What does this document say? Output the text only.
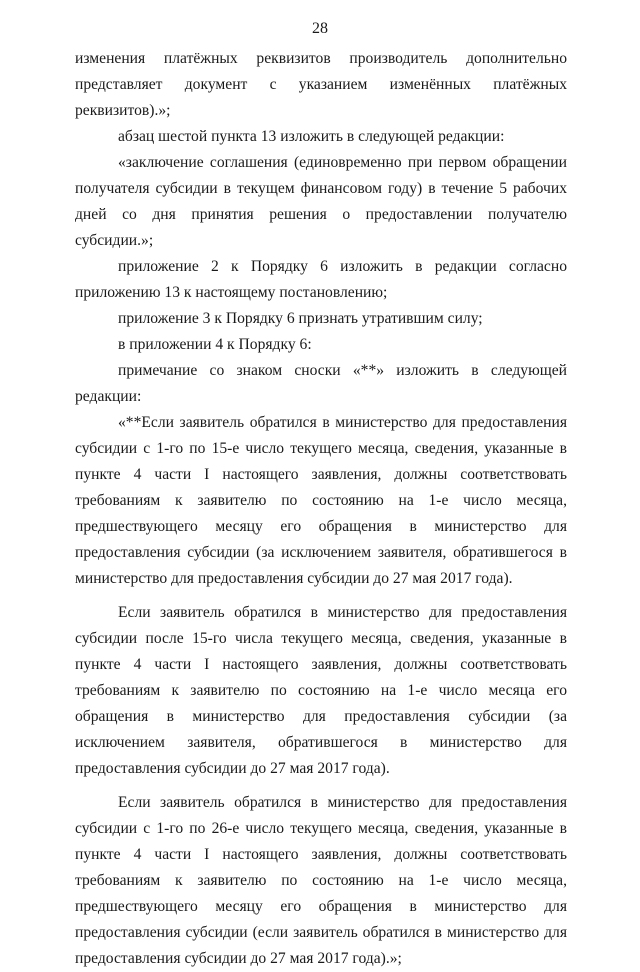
28

изменения платёжных реквизитов производитель дополнительно представляет документ с указанием изменённых платёжных реквизитов).»;

абзац шестой пункта 13 изложить в следующей редакции:

«заключение соглашения (единовременно при первом обращении получателя субсидии в текущем финансовом году) в течение 5 рабочих дней со дня принятия решения о предоставлении получателю субсидии.»;

приложение 2 к Порядку 6 изложить в редакции согласно приложению 13 к настоящему постановлению;

приложение 3 к Порядку 6 признать утратившим силу;

в приложении 4 к Порядку 6:

примечание со знаком сноски «**» изложить в следующей редакции:

«**Если заявитель обратился в министерство для предоставления субсидии с 1-го по 15-е число текущего месяца, сведения, указанные в пункте 4 части I настоящего заявления, должны соответствовать требованиям к заявителю по состоянию на 1-е число месяца, предшествующего месяцу его обращения в министерство для предоставления субсидии (за исключением заявителя, обратившегося в министерство для предоставления субсидии до 27 мая 2017 года).

Если заявитель обратился в министерство для предоставления субсидии после 15-го числа текущего месяца, сведения, указанные в пункте 4 части I настоящего заявления, должны соответствовать требованиям к заявителю по состоянию на 1-е число месяца его обращения в министерство для предоставления субсидии (за исключением заявителя, обратившегося в министерство для предоставления субсидии до 27 мая 2017 года).

Если заявитель обратился в министерство для предоставления субсидии с 1-го по 26-е число текущего месяца, сведения, указанные в пункте 4 части I настоящего заявления, должны соответствовать требованиям к заявителю по состоянию на 1-е число месяца, предшествующего месяцу его обращения в министерство для предоставления субсидии (если заявитель обратился в министерство для предоставления субсидии до 27 мая 2017 года).»;
